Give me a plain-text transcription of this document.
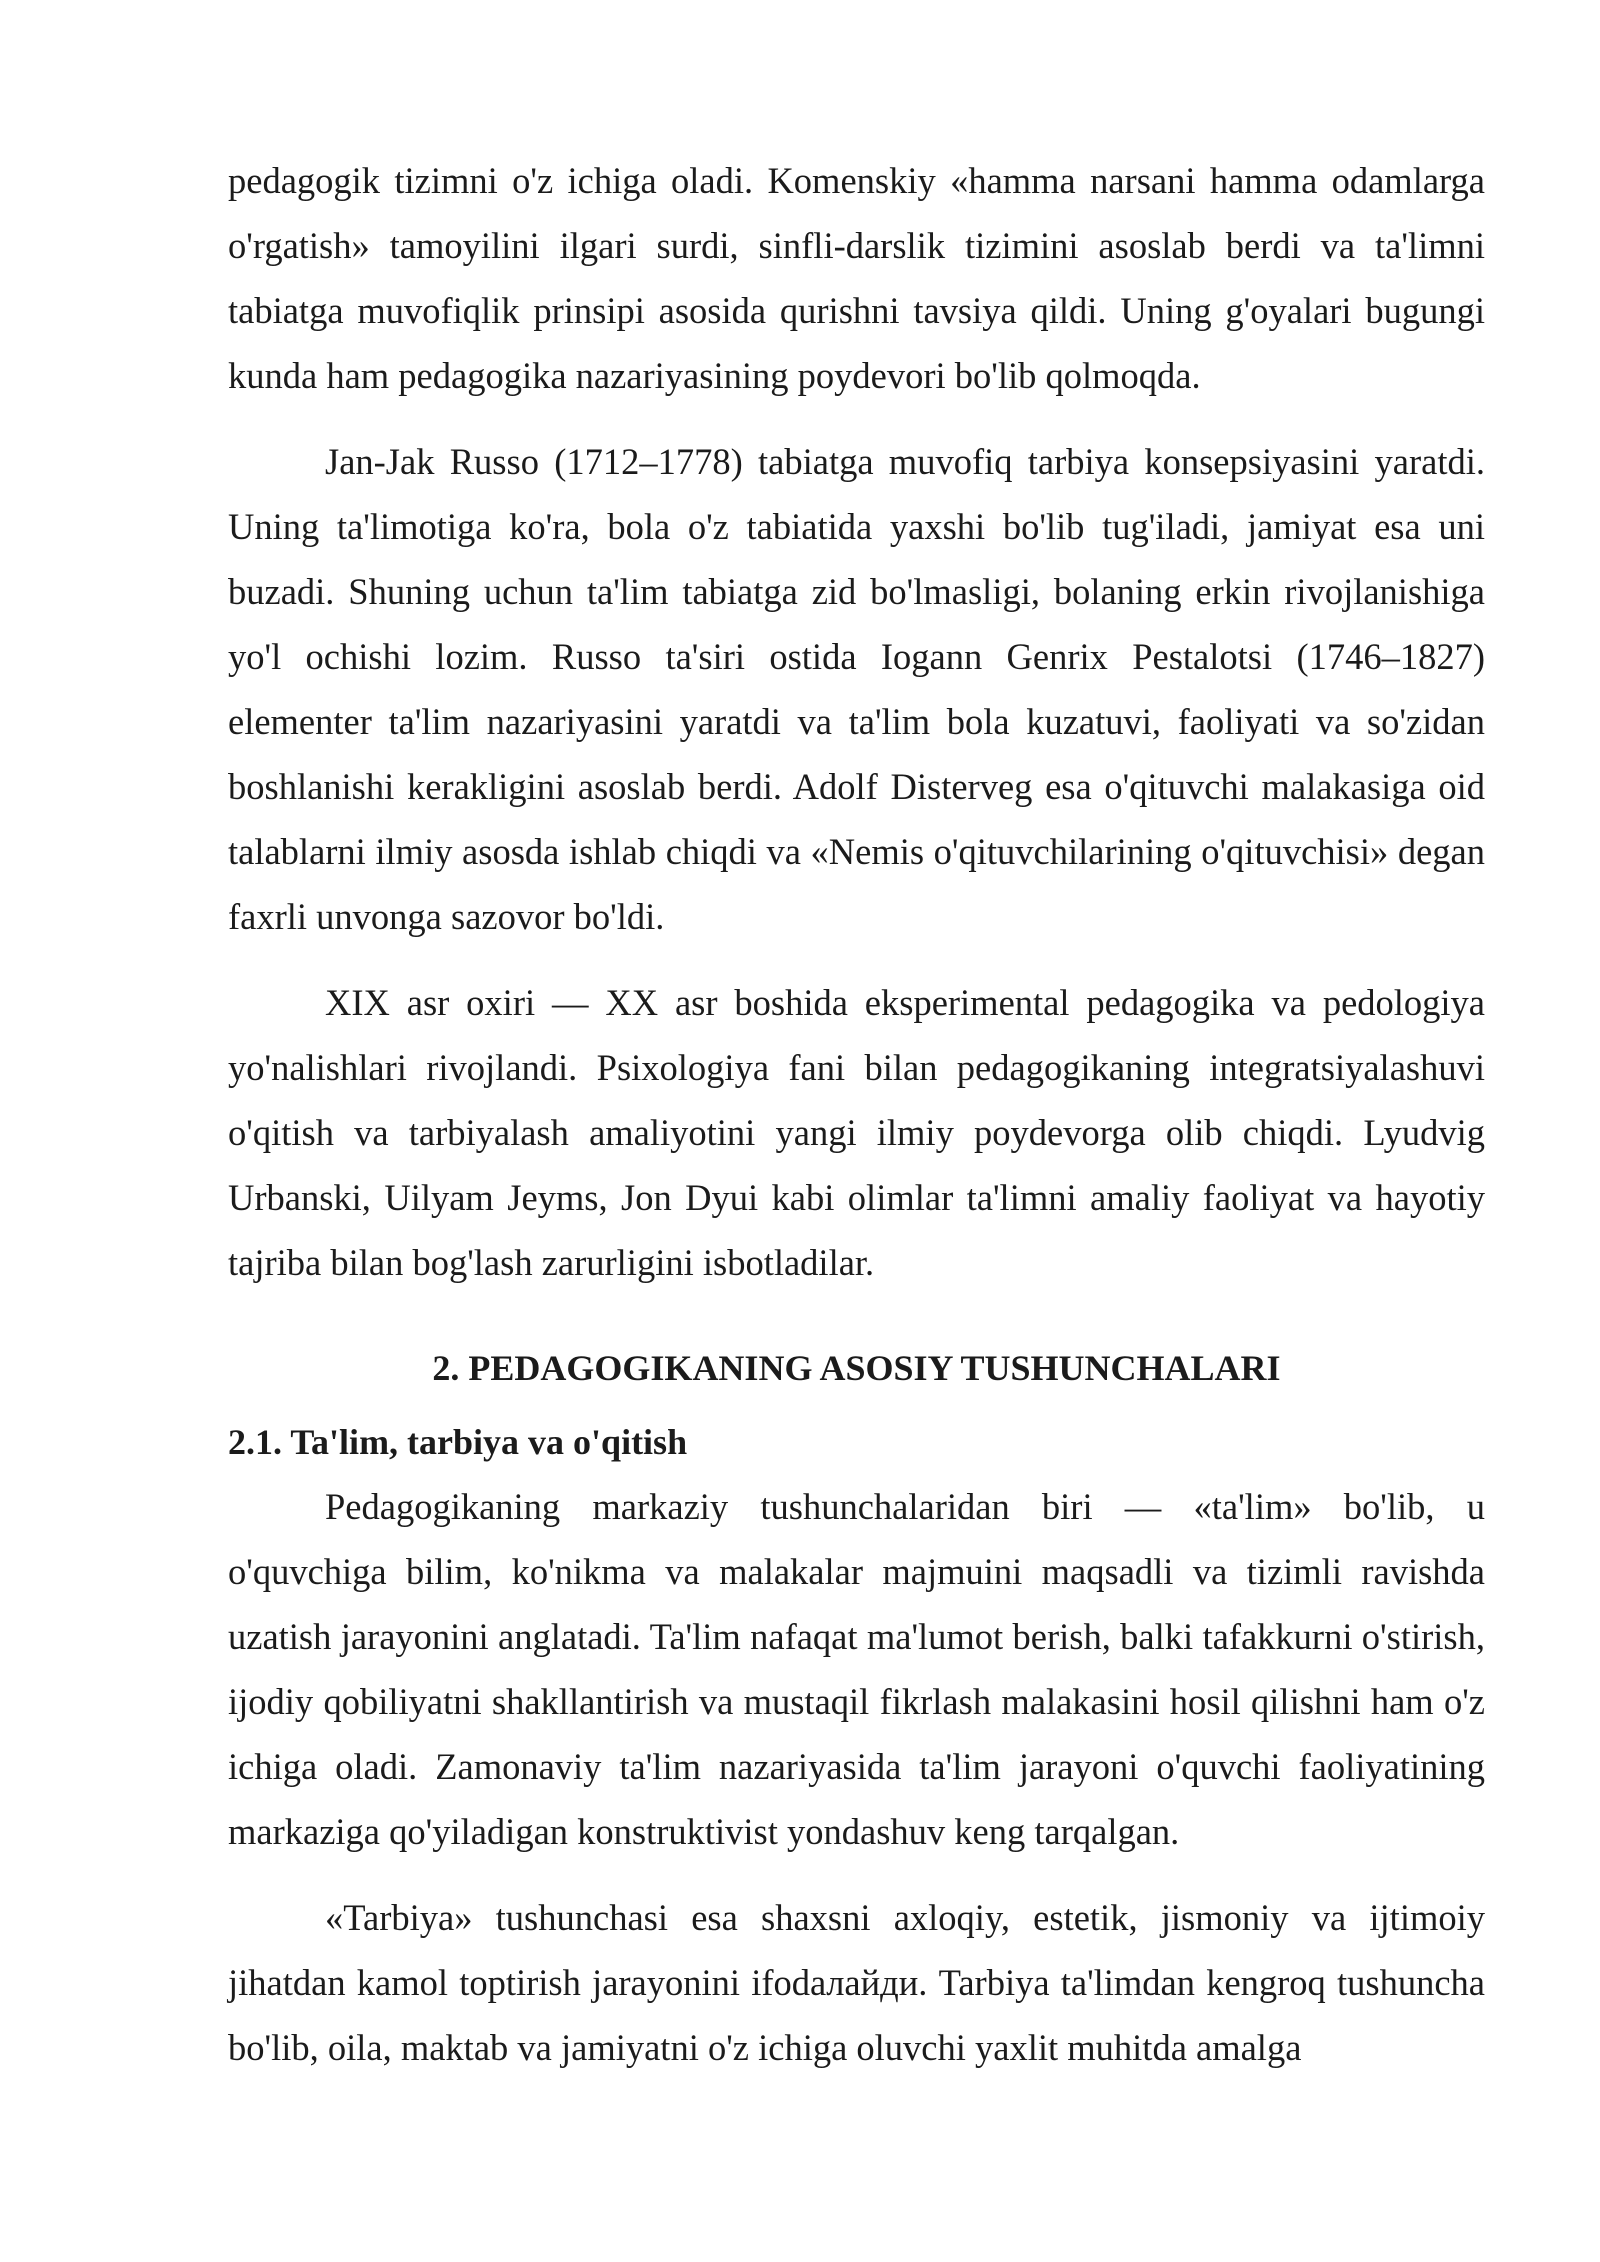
pedagogik tizimni o'z ichiga oladi. Komenskiy «hamma narsani hamma odamlarga o'rgatish» tamoyilini ilgari surdi, sinfli-darslik tizimini asoslab berdi va ta'limni tabiatga muvofiqlik prinsipi asosida qurishni tavsiya qildi. Uning g'oyalari bugungi kunda ham pedagogika nazariyasining poydevori bo'lib qolmoqda.

Jan-Jak Russo (1712–1778) tabiatga muvofiq tarbiya konsepsiyasini yaratdi. Uning ta'limotiga ko'ra, bola o'z tabiatida yaxshi bo'lib tug'iladi, jamiyat esa uni buzadi. Shuning uchun ta'lim tabiatga zid bo'lmasligi, bolaning erkin rivojlanishiga yo'l ochishi lozim. Russo ta'siri ostida Iogann Genrix Pestalotsi (1746–1827) elementer ta'lim nazariyasini yaratdi va ta'lim bola kuzatuvi, faoliyati va so'zidan boshlanishi kerakligini asoslab berdi. Adolf Disterveg esa o'qituvchi malakasiga oid talablarni ilmiy asosda ishlab chiqdi va «Nemis o'qituvchilarining o'qituvchisi» degan faxrli unvonga sazovor bo'ldi.

XIX asr oxiri — XX asr boshida eksperimental pedagogika va pedologiya yo'nalishlari rivojlandi. Psixologiya fani bilan pedagogikaning integratsiyalashuvi o'qitish va tarbiyalash amaliyotini yangi ilmiy poydevorga olib chiqdi. Lyudvig Urbanski, Uilyam Jeyms, Jon Dyui kabi olimlar ta'limni amaliy faoliyat va hayotiy tajriba bilan bog'lash zarurligini isbotladilar.

2. PEDAGOGIKANING ASOSIY TUSHUNCHALARI
2.1. Ta'lim, tarbiya va o'qitish

Pedagogikaning markaziy tushunchalaridan biri — «ta'lim» bo'lib, u o'quvchiga bilim, ko'nikma va malakalar majmuini maqsadli va tizimli ravishda uzatish jarayonini anglatadi. Ta'lim nafaqat ma'lumot berish, balki tafakkurni o'stirish, ijodiy qobiliyatni shakllantirish va mustaqil fikrlash malakasini hosil qilishni ham o'z ichiga oladi. Zamonaviy ta'lim nazariyasida ta'lim jarayoni o'quvchi faoliyatining markaziga qo'yiladigan konstruktivist yondashuv keng tarqalgan.

«Tarbiya» tushunchasi esa shaxsni axloqiy, estetik, jismoniy va ijtimoiy jihatdan kamol toptirish jarayonini ifodaлайди. Tarbiya ta'limdan kengroq tushuncha bo'lib, oila, maktab va jamiyatni o'z ichiga oluvchi yaxlit muhitda amalga
